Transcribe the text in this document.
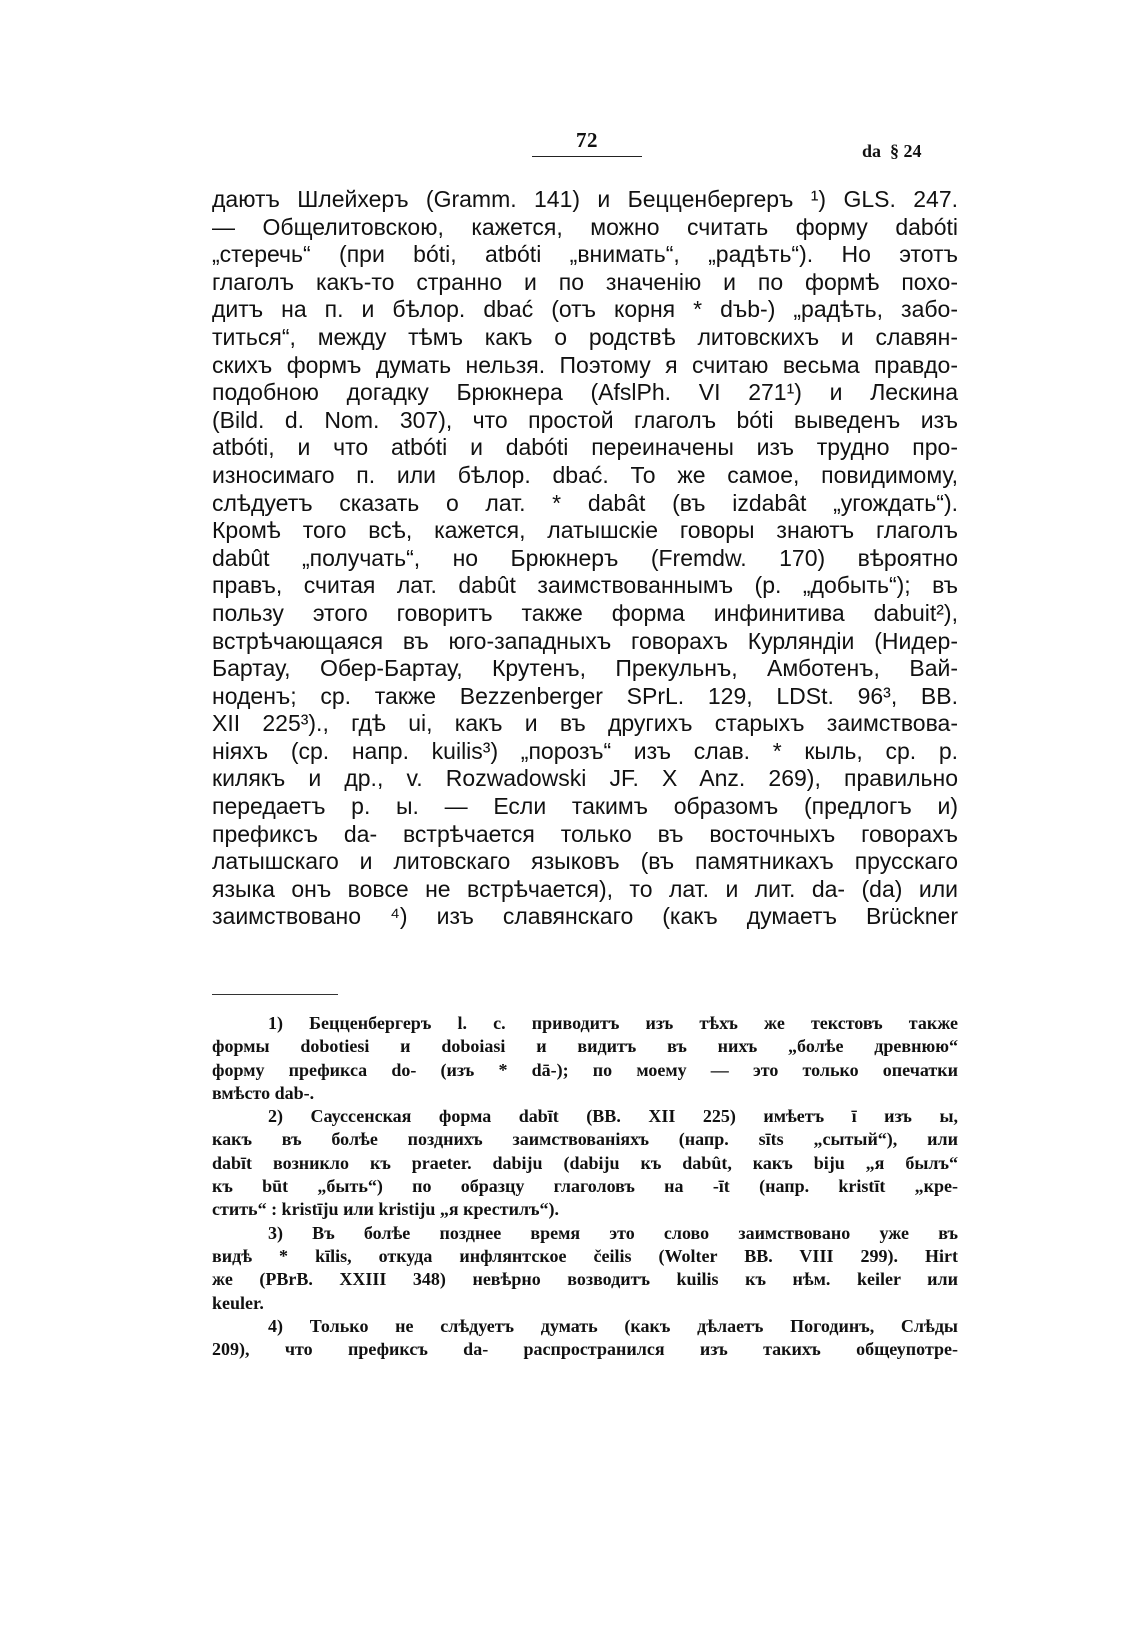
72	da  § 24
даютъ Шлейхеръ (Gramm. 141) и Бецценбергеръ ¹) GLS. 247.
— Общелитовскою, кажется, можно считать форму dabóti
„стеречь“ (при bóti, atbóti „внимать“, „радѣть“). Но этотъ
глаголъ какъ-то странно и по значенію и по формѣ похо-
дитъ на п. и бѣлор. dbać (отъ корня * dъb-) „радѣть, забо-
титься“, между тѣмъ какъ о родствѣ литовскихъ и славян-
скихъ формъ думать нельзя. Поэтому я считаю весьма правдо-
подобною догадку Брюкнера (AfslPh. VI 271¹) и Лескина
(Bild. d. Nom. 307), что простой глаголъ bóti выведенъ изъ
atbóti, и что atbóti и dabóti переиначены изъ трудно про-
износимаго п. или бѣлор. dbać. То же самое, повидимому,
слѣдуетъ сказать о лат. * dabât (въ izdabât „угождать“).
Кромѣ того всѣ, кажется, латышскіе говоры знаютъ глаголъ
dabût „получать“, но Брюкнеръ (Fremdw. 170) вѣроятно
правъ, считая лат. dabût заимствованнымъ (р. „добыть“); въ
пользу этого говоритъ также форма инфинитива dabuit²),
встрѣчающаяся въ юго-западныхъ говорахъ Курляндіи (Нидер-
Бартау, Обер-Бартау, Крутенъ, Прекульнъ, Амботенъ, Вай-
ноденъ; ср. также Bezzenberger SPrL. 129, LDSt. 96³, BB.
XII 225³)., гдѣ ui, какъ и въ другихъ старыхъ заимствова-
ніяхъ (ср. напр. kuilis³) „порозъ“ изъ слав. * кыль, ср. р.
килякъ и др., v. Rozwadowski JF. X Anz. 269), правильно
передаетъ р. ы. — Если такимъ образомъ (предлогъ и)
префиксъ da- встрѣчается только въ восточныхъ говорахъ
латышскаго и литовскаго языковъ (въ памятникахъ прусскаго
языка онъ вовсе не встрѣчается), то лат. и лит. da- (da) или
заимствовано ⁴) изъ славянскаго (какъ думаетъ Brückner
1) Бецценбергеръ l. c. приводитъ изъ тѣхъ же текстовъ также
формы dobotiesi и doboiasi и видитъ въ нихъ „болѣе древнюю“
форму префикса do- (изъ * dā-); по моему — это только опечатки
вмѣсто dab-.
2) Сауссенская форма dabīt (BB. XII 225) имѣетъ ī изъ ы,
какъ въ болѣе позднихъ заимствованіяхъ (напр. sīts „сытый“), или
dabīt возникло къ praeter. dabiju (dabiju къ dabût, какъ biju „я былъ“
къ būt „быть“) по образцу глаголовъ на -īt (напр. kristīt „кре-
стить“ : kristīju или kristiju „я крестилъ“).
3) Въ болѣе позднее время это слово заимствовано уже въ
видѣ * kīlis, откуда инфлянтское čeilis (Wolter BB. VIII 299). Hirt
же (PBrB. XXIII 348) невѣрно возводитъ kuilis къ нѣм. keiler или
keuler.
4) Только не слѣдуетъ думать (какъ дѣлаетъ Погодинъ, Слѣды
209), что префиксъ da- распространился изъ такихъ общеупотре-
